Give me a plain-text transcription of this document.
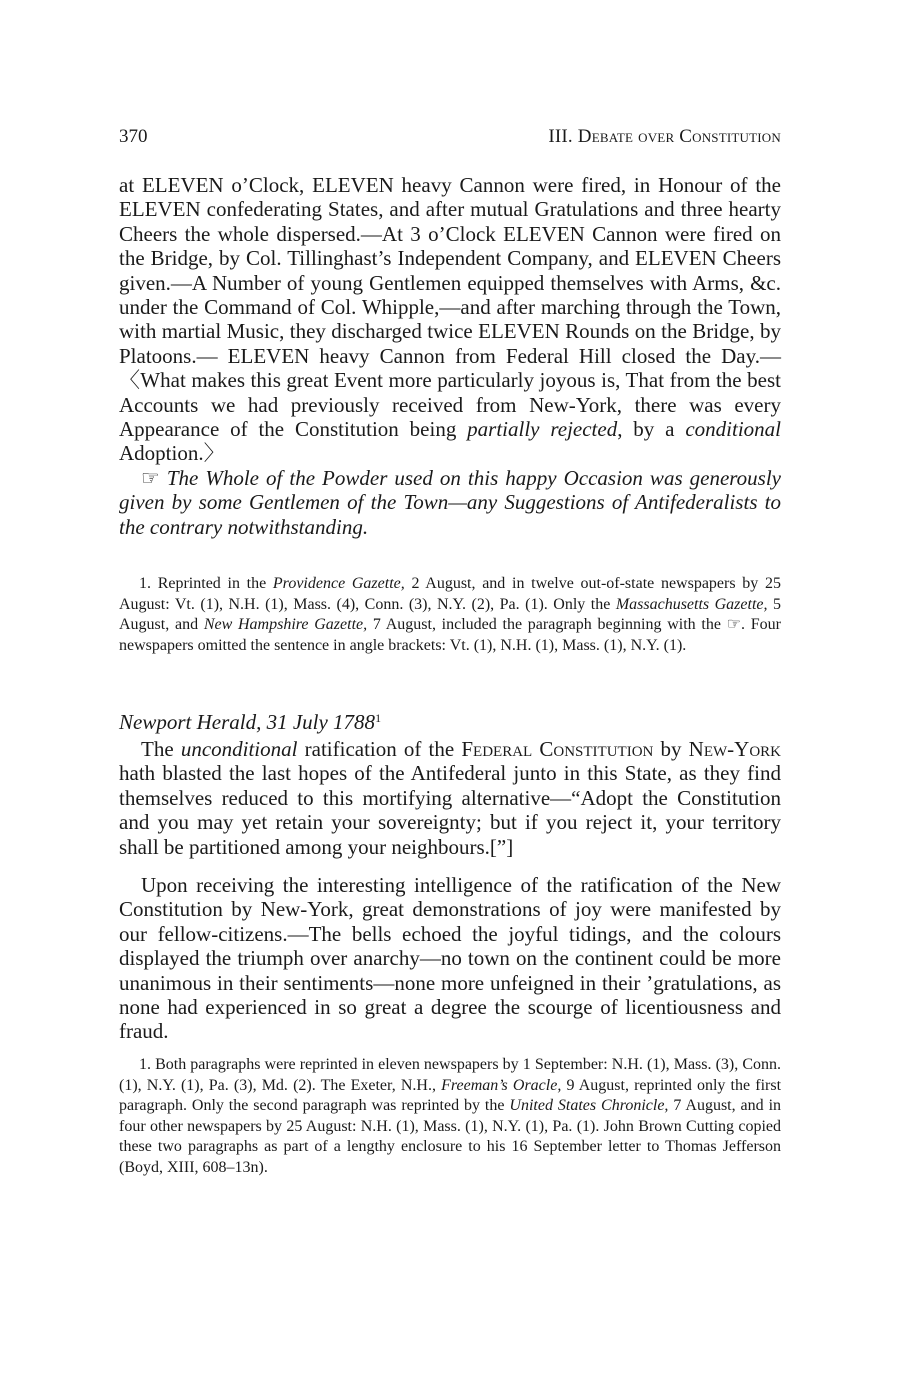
370	III. Debate over Constitution

at ELEVEN o’Clock, ELEVEN heavy Cannon were fired, in Honour of the ELEVEN confederating States, and after mutual Gratulations and three hearty Cheers the whole dispersed.—At 3 o’Clock ELEVEN Cannon were fired on the Bridge, by Col. Tillinghast’s Independent Company, and ELEVEN Cheers given.—A Number of young Gentlemen equipped themselves with Arms, &c. under the Command of Col. Whipple,—and after marching through the Town, with martial Music, they discharged twice ELEVEN Rounds on the Bridge, by Platoons.— ELEVEN heavy Cannon from Federal Hill closed the Day.—〈What makes this great Event more particularly joyous is, That from the best Accounts we had previously received from New-York, there was every Appearance of the Constitution being partially rejected, by a conditional Adoption.〉

☞ The Whole of the Powder used on this happy Occasion was generously given by some Gentlemen of the Town—any Suggestions of Antifederalists to the contrary notwithstanding.

1. Reprinted in the Providence Gazette, 2 August, and in twelve out-of-state newspapers by 25 August: Vt. (1), N.H. (1), Mass. (4), Conn. (3), N.Y. (2), Pa. (1). Only the Massachusetts Gazette, 5 August, and New Hampshire Gazette, 7 August, included the paragraph beginning with the ☞. Four newspapers omitted the sentence in angle brackets: Vt. (1), N.H. (1), Mass. (1), N.Y. (1).

Newport Herald, 31 July 1788$^1$

The unconditional ratification of the Federal Constitution by New-York hath blasted the last hopes of the Antifederal junto in this State, as they find themselves reduced to this mortifying alternative—“Adopt the Constitution and you may yet retain your sovereignty; but if you reject it, your territory shall be partitioned among your neighbours.[”]

Upon receiving the interesting intelligence of the ratification of the New Constitution by New-York, great demonstrations of joy were manifested by our fellow-citizens.—The bells echoed the joyful tidings, and the colours displayed the triumph over anarchy—no town on the continent could be more unanimous in their sentiments—none more unfeigned in their ’gratulations, as none had experienced in so great a degree the scourge of licentiousness and fraud.

1. Both paragraphs were reprinted in eleven newspapers by 1 September: N.H. (1), Mass. (3), Conn. (1), N.Y. (1), Pa. (3), Md. (2). The Exeter, N.H., Freeman’s Oracle, 9 August, reprinted only the first paragraph. Only the second paragraph was reprinted by the United States Chronicle, 7 August, and in four other newspapers by 25 August: N.H. (1), Mass. (1), N.Y. (1), Pa. (1). John Brown Cutting copied these two paragraphs as part of a lengthy enclosure to his 16 September letter to Thomas Jefferson (Boyd, XIII, 608–13n).
